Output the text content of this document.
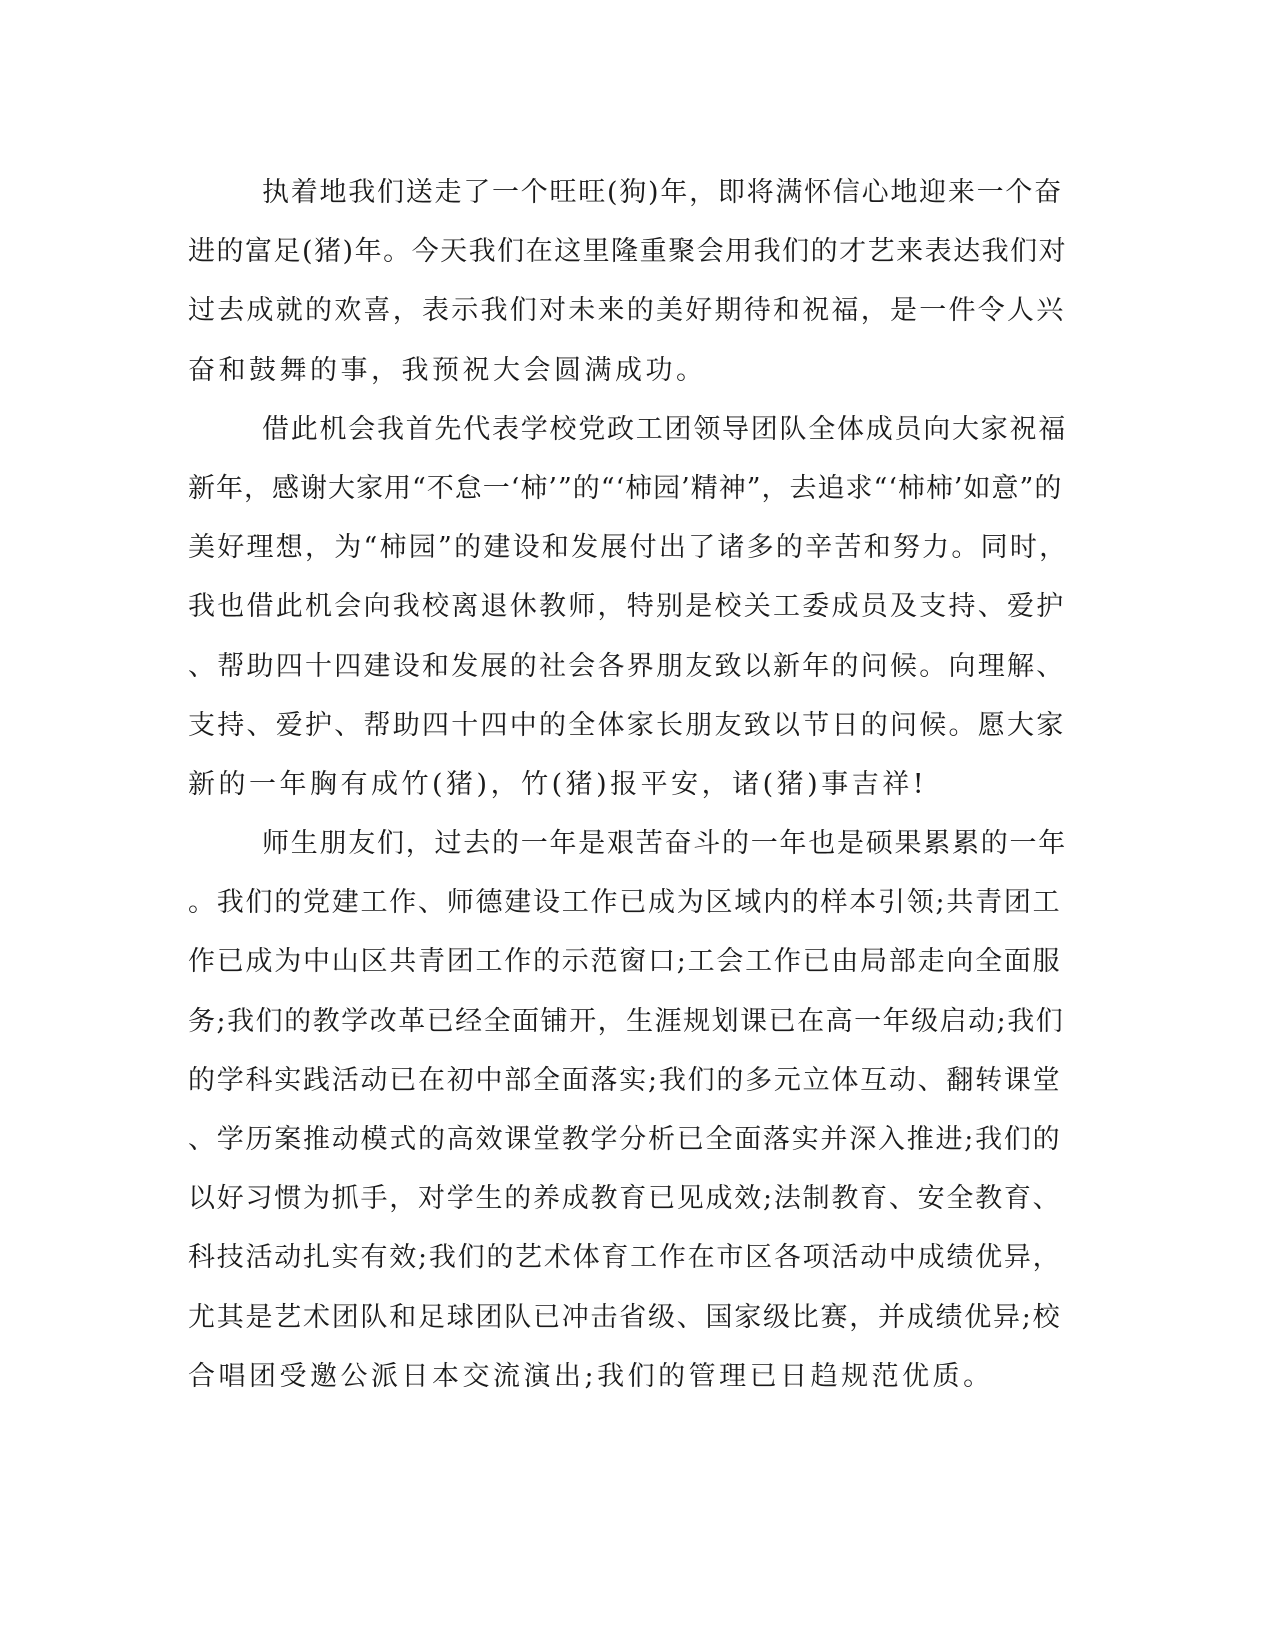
执着地我们送走了一个旺旺(狗)年，即将满怀信心地迎来一个奋
进的富足(猪)年。今天我们在这里隆重聚会用我们的才艺来表达我们对
过去成就的欢喜，表示我们对未来的美好期待和祝福，是一件令人兴
奋和鼓舞的事，我预祝大会圆满成功。
借此机会我首先代表学校党政工团领导团队全体成员向大家祝福
新年，感谢大家用“不怠一‘柿’”的“‘柿园’精神”，去追求“‘柿柿’如意”的
美好理想，为“柿园”的建设和发展付出了诸多的辛苦和努力。同时，
我也借此机会向我校离退休教师，特别是校关工委成员及支持、爱护
、帮助四十四建设和发展的社会各界朋友致以新年的问候。向理解、
支持、爱护、帮助四十四中的全体家长朋友致以节日的问候。愿大家
新的一年胸有成竹(猪)，竹(猪)报平安，诸(猪)事吉祥!
师生朋友们，过去的一年是艰苦奋斗的一年也是硕果累累的一年
。我们的党建工作、师德建设工作已成为区域内的样本引领;共青团工
作已成为中山区共青团工作的示范窗口;工会工作已由局部走向全面服
务;我们的教学改革已经全面铺开，生涯规划课已在高一年级启动;我们
的学科实践活动已在初中部全面落实;我们的多元立体互动、翻转课堂
、学历案推动模式的高效课堂教学分析已全面落实并深入推进;我们的
以好习惯为抓手，对学生的养成教育已见成效;法制教育、安全教育、
科技活动扎实有效;我们的艺术体育工作在市区各项活动中成绩优异，
尤其是艺术团队和足球团队已冲击省级、国家级比赛，并成绩优异;校
合唱团受邀公派日本交流演出;我们的管理已日趋规范优质。
